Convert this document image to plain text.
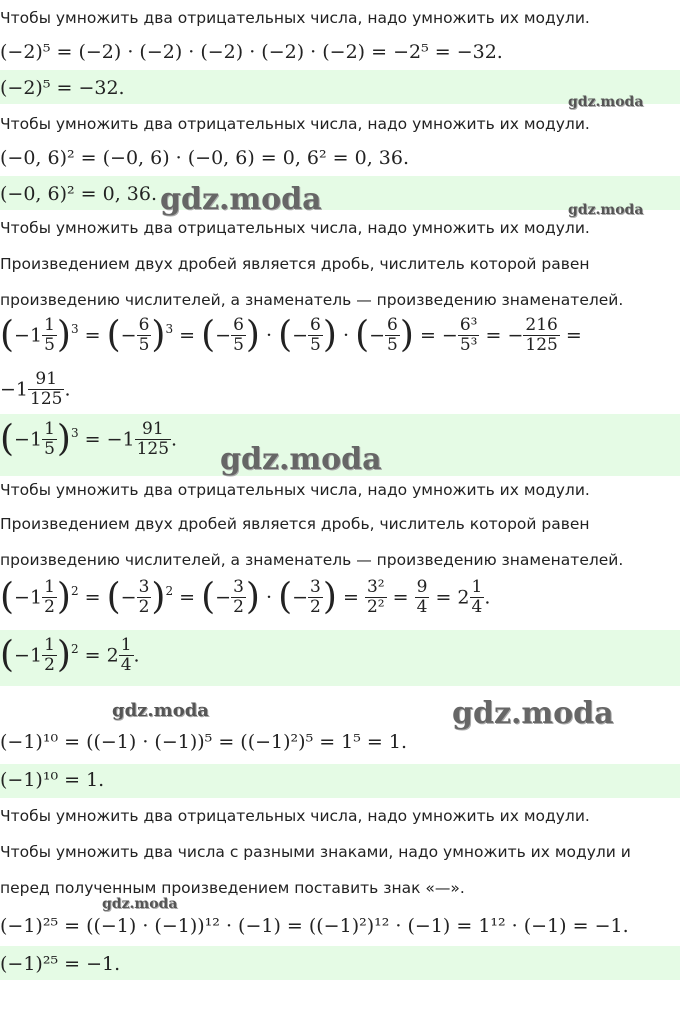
Чтобы умножить два отрицательных числа, надо умножить их модули.
(−2)⁵ = (−2) · (−2) · (−2) · (−2) · (−2) = −2⁵ = −32.
(−2)⁵ = −32.
gdz.moda
Чтобы умножить два отрицательных числа, надо умножить их модули.
(−0, 6)² = (−0, 6) · (−0, 6) = 0, 6² = 0, 36.
(−0, 6)² = 0, 36. gdz.moda	gdz.moda
Чтобы умножить два отрицательных числа, надо умножить их модули.
Произведением двух дробей является дробь, числитель которой равен
произведению числителей, а знаменатель — произведению знаменателей.
$(-1 \frac{1}{5} )^3$ = (− $\frac{6}{5} )^3$ = (− $\frac{6}{5}$ ) · (− $\frac{6}{5}$ ) · (− $\frac{6}{5}$ ) = − $\frac{\text{6³}}{\text{5³}}$ = − $\frac{216}{125}$ =
$-1 \frac{91}{125}$ .
$(-1 \frac{1}{5} )^3 = -1 \frac{91}{125}$ .
gdz.moda
Чтобы умножить два отрицательных числа, надо умножить их модули.
Произведением двух дробей является дробь, числитель которой равен
произведению числителей, а знаменатель — произведению знаменателей.
$(-1 \frac{1}{2} )^2$ = (− $\frac{3}{2} )^2$ = (− $\frac{3}{2}$ ) · (− $\frac{3}{2}$ ) = $\frac{\text{3²}}{\text{2²}} = \frac{9}{4} = 2 \frac{1}{4}$ .
$(-1 \frac{1}{2} )^2 = 2 \frac{1}{4}$ .
gdz.moda	gdz.moda
(−1)¹⁰ = ((−1) · (−1))⁵ = ((−1)²)⁵ = 1⁵ = 1.
(−1)¹⁰ = 1.
Чтобы умножить два отрицательных числа, надо умножить их модули.
Чтобы умножить два числа с разными знаками, надо умножить их модули и
перед полученным произведением поставить знак «—».
gdz.moda
(−1)²⁵ = ((−1) · (−1))¹² · (−1) = ((−1)²)¹² · (−1) = 1¹² · (−1) = −1.
(−1)²⁵ = −1.
